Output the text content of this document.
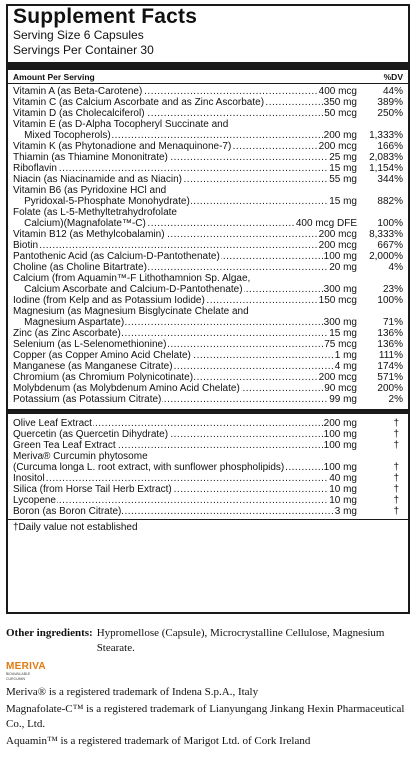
Supplement Facts
Serving Size 6 Capsules
Servings Per Container 30
Amount Per Serving	%DV
Vitamin A (as Beta-Carotene) .....	400 mcg	44%
Vitamin C (as Calcium Ascorbate and as Zinc Ascorbate) .....	350 mg	389%
Vitamin D (as Cholecalciferol) .....	50 mcg	250%
Vitamin E (as D-Alpha Tocopheryl Succinate and
Mixed Tocopherols) .....	200 mg	1,333%
Vitamin K (as Phytonadione and Menaquinone-7) .....	200 mcg	166%
Thiamin (as Thiamine Mononitrate) .....	25 mg	2,083%
Riboflavin .....	15 mg	1,154%
Niacin (as Niacinamide and as Niacin) .....	55 mg	344%
Vitamin B6 (as Pyridoxine HCl and
Pyridoxal-5-Phosphate Monohydrate) .....	15 mg	882%
Folate (as L-5-Methyltetrahydrofolate
Calcium)(Magnafolate™-C) .....	400 mcg DFE	100%
Vitamin B12 (as Methylcobalamin) .....	200 mcg	8,333%
Biotin .....	200 mcg	667%
Pantothenic Acid (as Calcium-D-Pantothenate) .....	100 mg	2,000%
Choline (as Choline Bitartrate) .....	20 mg	4%
Calcium (from Aquamin™-F Lithothamnion Sp. Algae,
Calcium Ascorbate and Calcium-D-Pantothenate) .....	300 mg	23%
Iodine (from Kelp and as Potassium Iodide) .....	150 mcg	100%
Magnesium (as Magnesium Bisglycinate Chelate and
Magnesium Aspartate) .....	300 mg	71%
Zinc (as Zinc Ascorbate) .....	15 mg	136%
Selenium (as L-Selenomethionine) .....	75 mcg	136%
Copper (as Copper Amino Acid Chelate) .....	1 mg	111%
Manganese (as Manganese Citrate) .....	4 mg	174%
Chromium (as Chromium Polynicotinate) .....	200 mcg	571%
Molybdenum (as Molybdenum Amino Acid Chelate) .....	90 mcg	200%
Potassium (as Potassium Citrate) .....	99 mg	2%
Olive Leaf Extract .....	200 mg	†
Quercetin (as Quercetin Dihydrate) .....	100 mg	†
Green Tea Leaf Extract .....	100 mg	†
Meriva® Curcumin phytosome
(Curcuma longa L. root extract, with sunflower phospholipids) .....	100 mg	†
Inositol .....	40 mg	†
Silica (from Horse Tail Herb Extract) .....	10 mg	†
Lycopene .....	10 mg	†
Boron (as Boron Citrate) .....	3 mg	†
†Daily value not established
Other ingredients: Hypromellose (Capsule), Microcrystalline Cellulose, Magnesium Stearate.
MERIVA
BIOAVAILABLE CURCUMIN
Meriva® is a registered trademark of Indena S.p.A., Italy
Magnafolate-C™ is a registered trademark of Lianyungang Jinkang Hexin Pharmaceutical Co., Ltd.
Aquamin™ is a registered trademark of Marigot Ltd. of Cork Ireland
